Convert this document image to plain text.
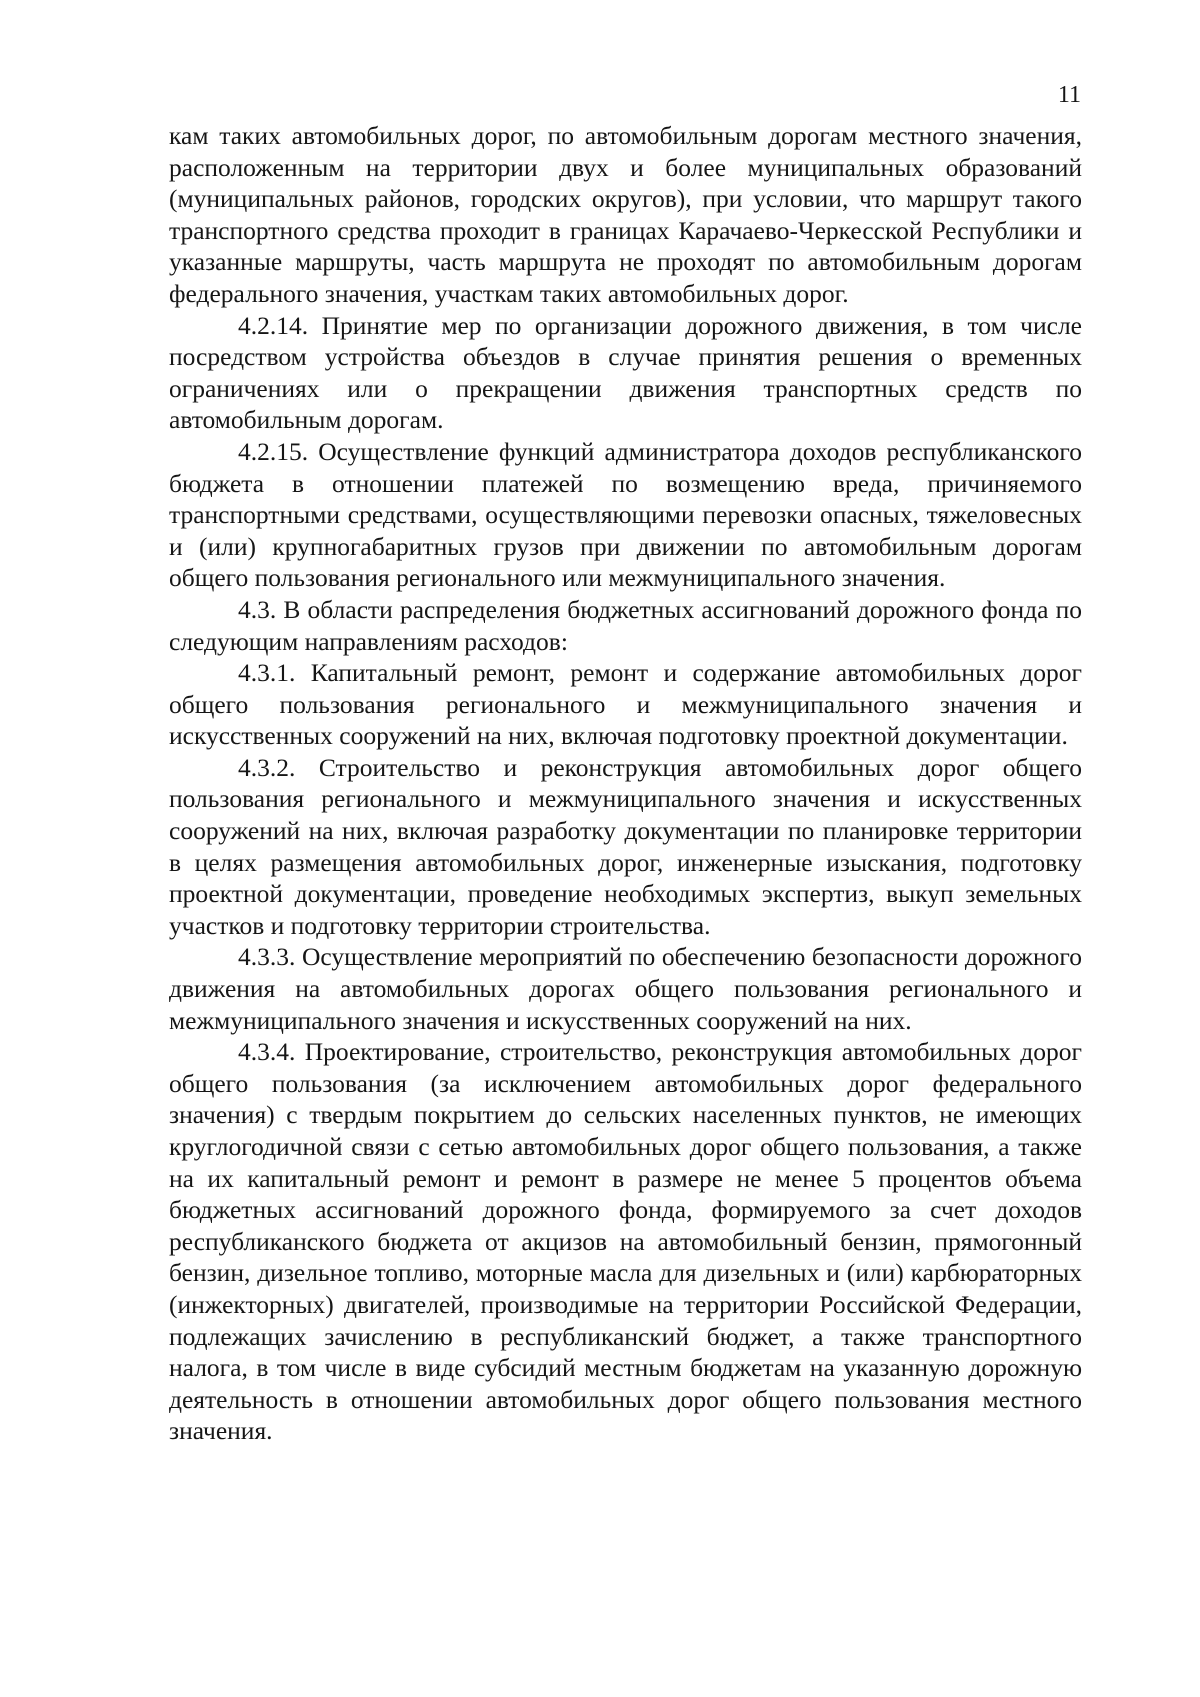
11

кам таких автомобильных дорог, по автомобильным дорогам местного значения, расположенным на территории двух и более муниципальных образований (муниципальных районов, городских округов), при условии, что маршрут такого транспортного средства проходит в границах Карачаево-Черкесской Республики и указанные маршруты, часть маршрута не проходят по автомобильным дорогам федерального значения, участкам таких автомобильных дорог.

4.2.14. Принятие мер по организации дорожного движения, в том числе посредством устройства объездов в случае принятия решения о временных ограничениях или о прекращении движения транспортных средств по автомобильным дорогам.

4.2.15. Осуществление функций администратора доходов республиканского бюджета в отношении платежей по возмещению вреда, причиняемого транспортными средствами, осуществляющими перевозки опасных, тяжеловесных и (или) крупногабаритных грузов при движении по автомобильным дорогам общего пользования регионального или межмуниципального значения.

4.3. В области распределения бюджетных ассигнований дорожного фонда по следующим направлениям расходов:

4.3.1. Капитальный ремонт, ремонт и содержание автомобильных дорог общего пользования регионального и межмуниципального значения и искусственных сооружений на них, включая подготовку проектной документации.

4.3.2. Строительство и реконструкция автомобильных дорог общего пользования регионального и межмуниципального значения и искусственных сооружений на них, включая разработку документации по планировке территории в целях размещения автомобильных дорог, инженерные изыскания, подготовку проектной документации, проведение необходимых экспертиз, выкуп земельных участков и подготовку территории строительства.

4.3.3. Осуществление мероприятий по обеспечению безопасности дорожного движения на автомобильных дорогах общего пользования регионального и межмуниципального значения и искусственных сооружений на них.

4.3.4. Проектирование, строительство, реконструкция автомобильных дорог общего пользования (за исключением автомобильных дорог федерального значения) с твердым покрытием до сельских населенных пунктов, не имеющих круглогодичной связи с сетью автомобильных дорог общего пользования, а также на их капитальный ремонт и ремонт в размере не менее 5 процентов объема бюджетных ассигнований дорожного фонда, формируемого за счет доходов республиканского бюджета от акцизов на автомобильный бензин, прямогонный бензин, дизельное топливо, моторные масла для дизельных и (или) карбюраторных (инжекторных) двигателей, производимые на территории Российской Федерации, подлежащих зачислению в республиканский бюджет, а также транспортного налога, в том числе в виде субсидий местным бюджетам на указанную дорожную деятельность в отношении автомобильных дорог общего пользования местного значения.
